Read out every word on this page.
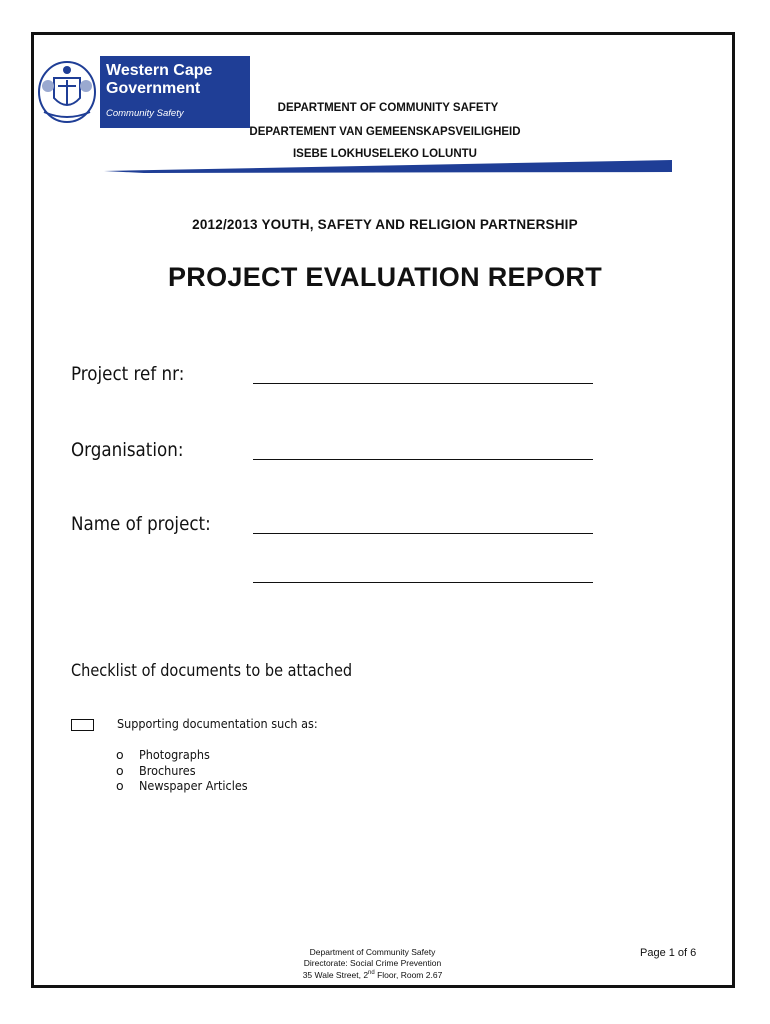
Western Cape
Government
Community Safety	DEPARTMENT OF COMMUNITY SAFETY
DEPARTEMENT VAN GEMEENSKAPSVEILIGHEID
ISEBE LOKHUSELEKO LOLUNTU
2012/2013 YOUTH, SAFETY AND RELIGION PARTNERSHIP
PROJECT EVALUATION REPORT
Project ref nr:
Organisation:
Name of project:
Checklist of documents to be attached
Supporting documentation such as:
o Photographs
o Brochures
o Newspaper Articles
Department of Community Safety
Directorate: Social Crime Prevention
35 Wale Street, 2nd Floor, Room 2.67
Page 1 of 6
